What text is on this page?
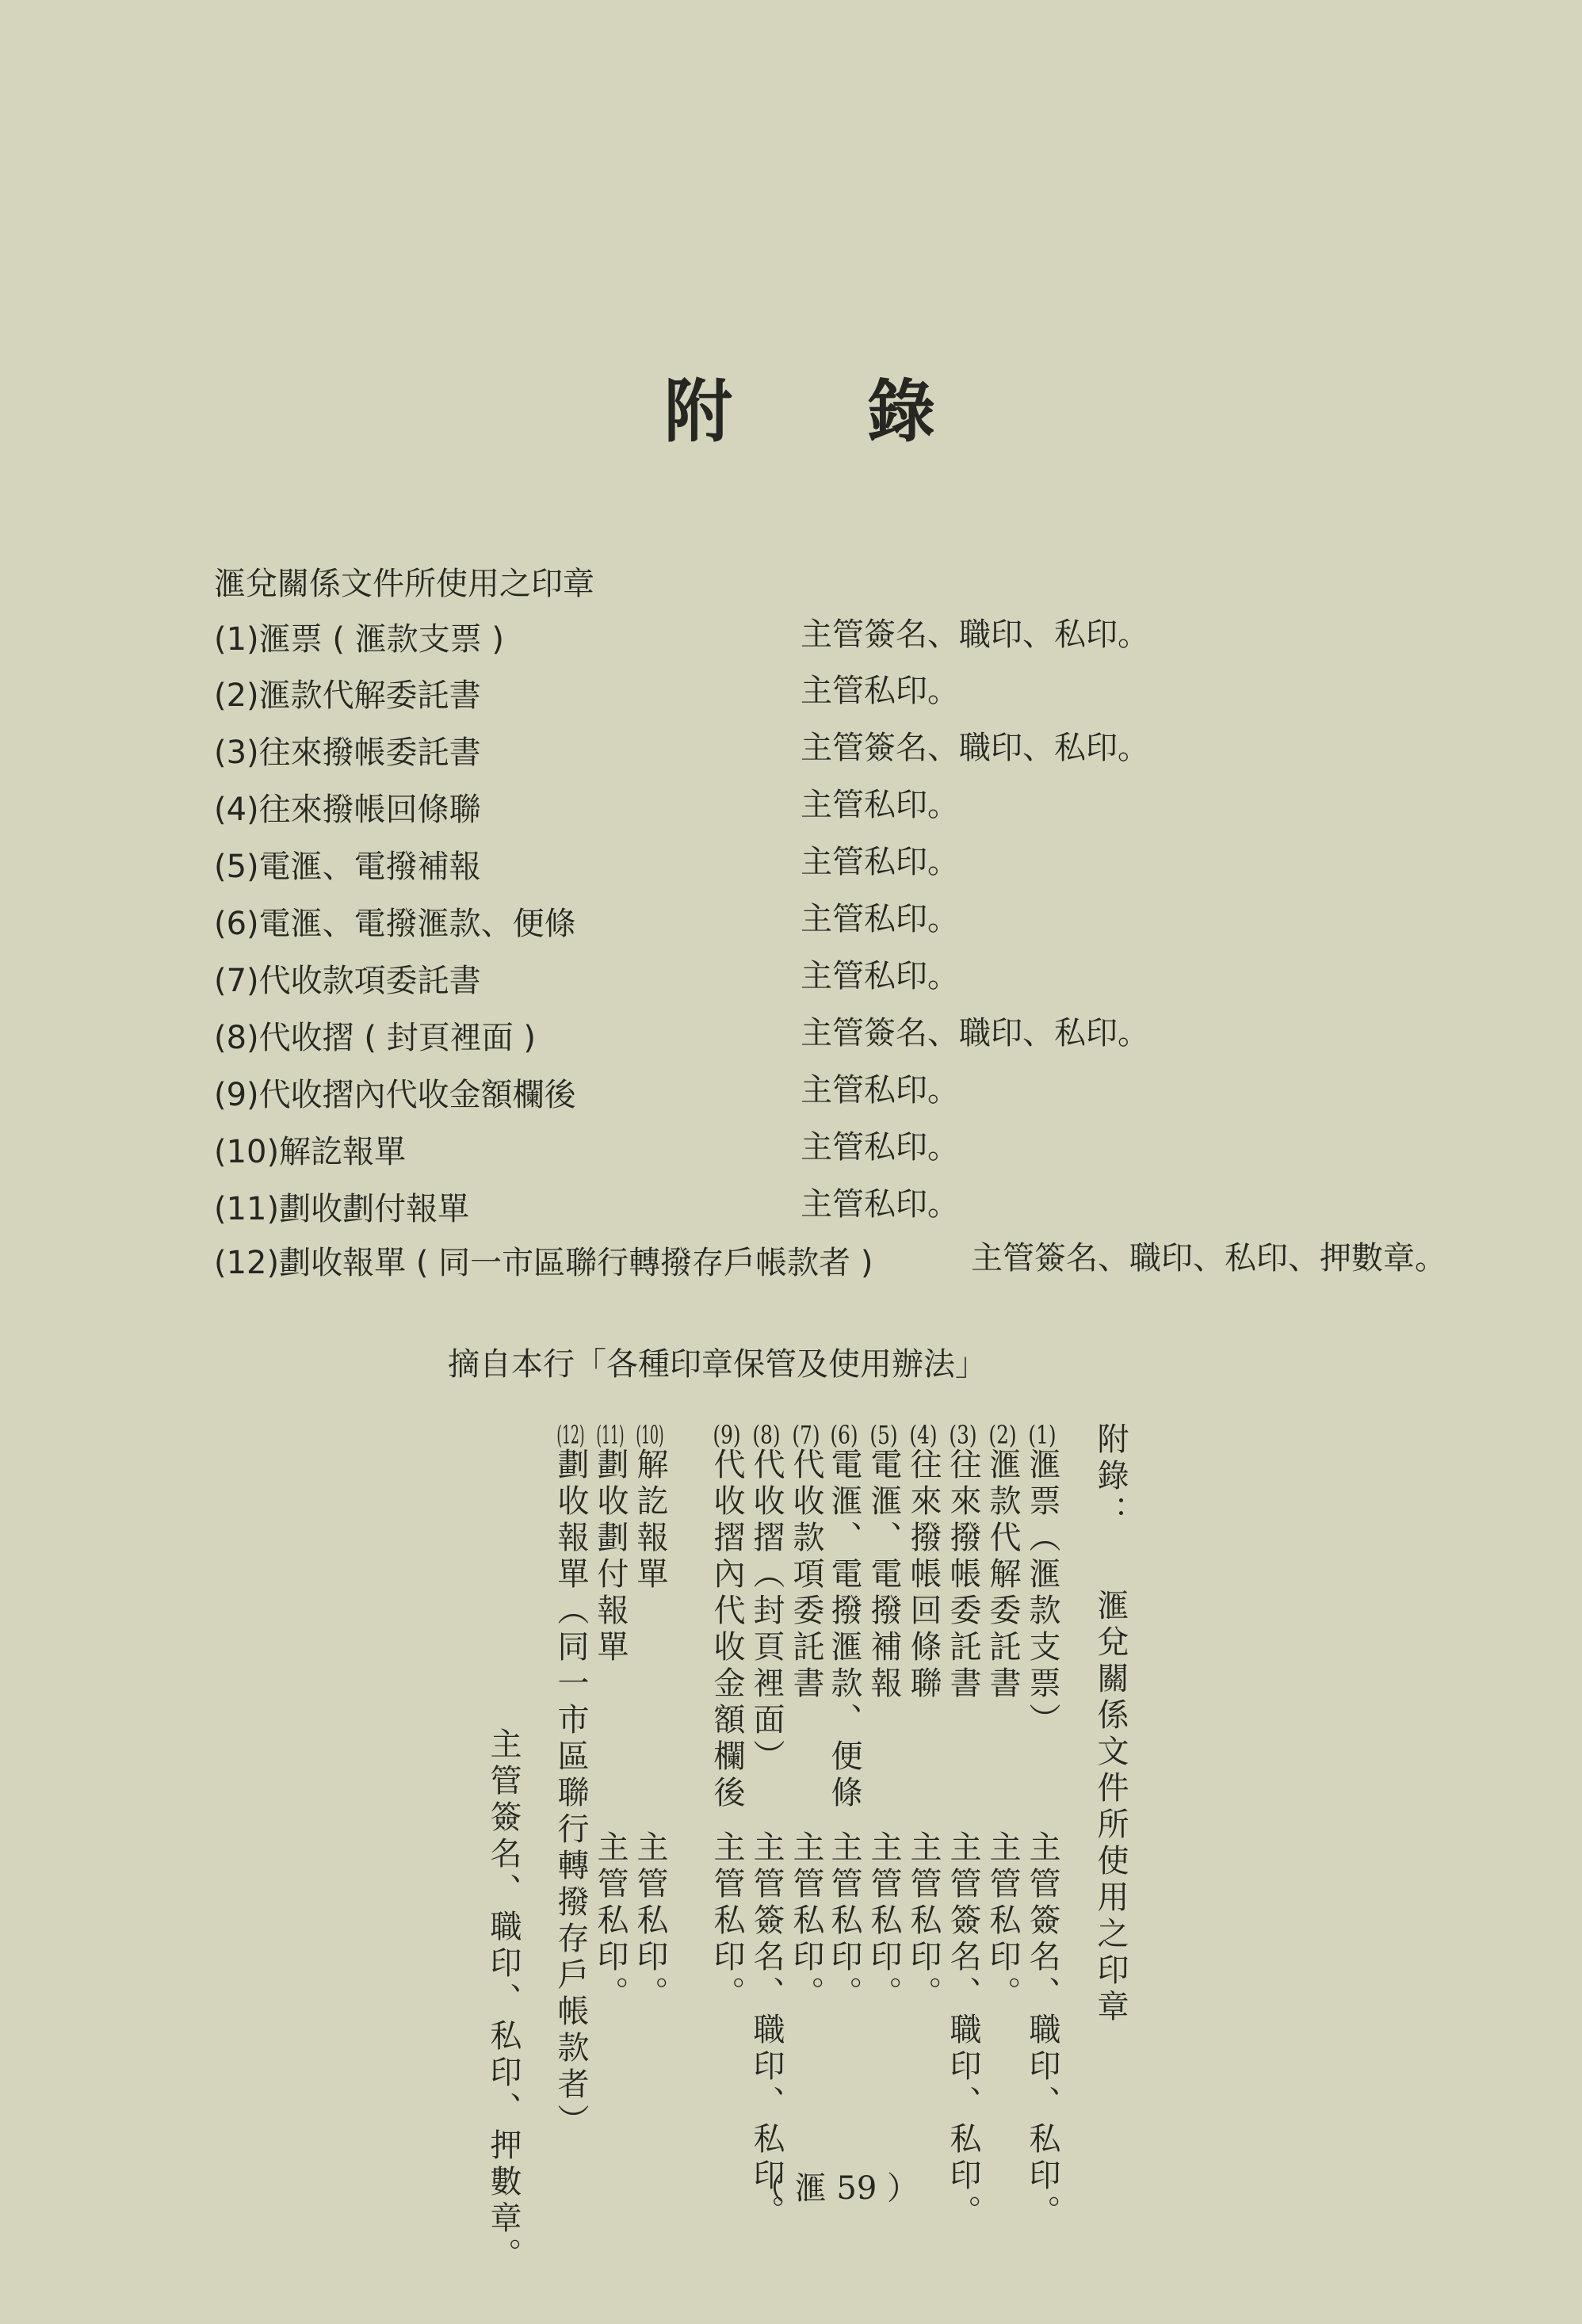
附 錄
滙兌關係文件所使用之印章
(1)滙票 ( 滙款支票 )	主管簽名、職印、私印。
(2)滙款代解委託書	主管私印。
(3)往來撥帳委託書	主管簽名、職印、私印。
(4)往來撥帳回條聯	主管私印。
(5)電滙、電撥補報	主管私印。
(6)電滙、電撥滙款、便條	主管私印。
(7)代收款項委託書	主管私印。
(8)代收摺 ( 封頁裡面 )	主管簽名、職印、私印。
(9)代收摺內代收金額欄後	主管私印。
(10)解訖報單	主管私印。
(11)劃收劃付報單	主管私印。
(12)劃收報單 ( 同一市區聯行轉撥存戶帳款者 )	主管簽名、職印、私印、押數章。
摘自本行「各種印章保管及使用辦法」
附錄：
滙兌關係文件所使用之印章
(1)滙票（滙款支票）
主管簽名、職印、私印。
(2)滙款代解委託書
主管私印。
(3)往來撥帳委託書
主管簽名、職印、私印。
(4)往來撥帳回條聯
主管私印。
(5)電滙、電撥補報
主管私印。
(6)電滙、電撥滙款、便條
主管私印。
(7)代收款項委託書
主管私印。
(8)代收摺（封頁裡面）
主管簽名、職印、私印。
(9)代收摺內代收金額欄後
主管私印。
(10)解訖報單
主管私印。
(11)劃收劃付報單
主管私印。
(12)劃收報單（同一市區聯行轉撥存戶帳款者）
主管簽名、職印、私印、押數章。	（ 滙 59 ）
